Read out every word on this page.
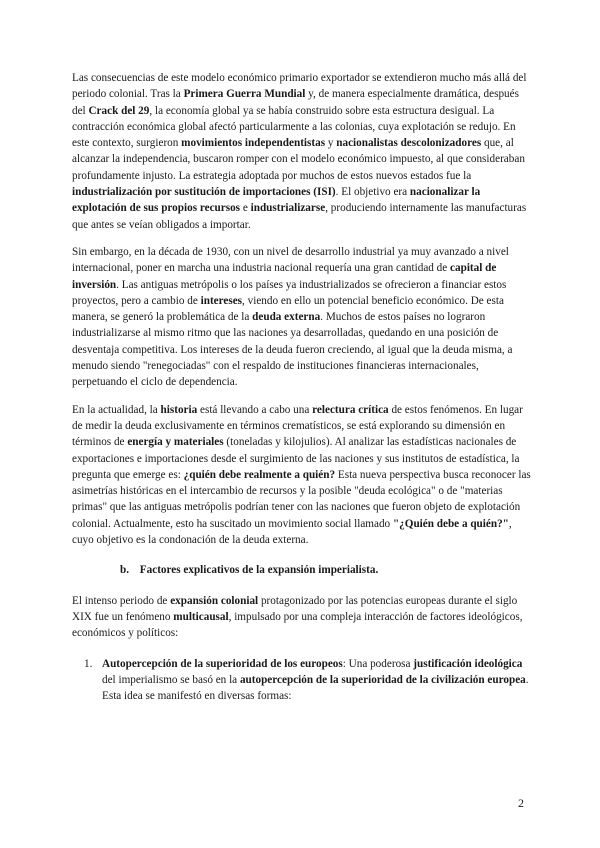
Las consecuencias de este modelo económico primario exportador se extendieron mucho más allá del periodo colonial. Tras la Primera Guerra Mundial y, de manera especialmente dramática, después del Crack del 29, la economía global ya se había construido sobre esta estructura desigual. La contracción económica global afectó particularmente a las colonias, cuya explotación se redujo. En este contexto, surgieron movimientos independentistas y nacionalistas descolonizadores que, al alcanzar la independencia, buscaron romper con el modelo económico impuesto, al que consideraban profundamente injusto. La estrategia adoptada por muchos de estos nuevos estados fue la industrialización por sustitución de importaciones (ISI). El objetivo era nacionalizar la explotación de sus propios recursos e industrializarse, produciendo internamente las manufacturas que antes se veían obligados a importar.

Sin embargo, en la década de 1930, con un nivel de desarrollo industrial ya muy avanzado a nivel internacional, poner en marcha una industria nacional requería una gran cantidad de capital de inversión. Las antiguas metrópolis o los países ya industrializados se ofrecieron a financiar estos proyectos, pero a cambio de intereses, viendo en ello un potencial beneficio económico. De esta manera, se generó la problemática de la deuda externa. Muchos de estos países no lograron industrializarse al mismo ritmo que las naciones ya desarrolladas, quedando en una posición de desventaja competitiva. Los intereses de la deuda fueron creciendo, al igual que la deuda misma, a menudo siendo "renegociadas" con el respaldo de instituciones financieras internacionales, perpetuando el ciclo de dependencia.

En la actualidad, la historia está llevando a cabo una relectura crítica de estos fenómenos. En lugar de medir la deuda exclusivamente en términos crematísticos, se está explorando su dimensión en términos de energía y materiales (toneladas y kilojulios). Al analizar las estadísticas nacionales de exportaciones e importaciones desde el surgimiento de las naciones y sus institutos de estadística, la pregunta que emerge es: ¿quién debe realmente a quién? Esta nueva perspectiva busca reconocer las asimetrías históricas en el intercambio de recursos y la posible "deuda ecológica" o de "materias primas" que las antiguas metrópolis podrían tener con las naciones que fueron objeto de explotación colonial. Actualmente, esto ha suscitado un movimiento social llamado "¿Quién debe a quién?", cuyo objetivo es la condonación de la deuda externa.

b. Factores explicativos de la expansión imperialista.

El intenso periodo de expansión colonial protagonizado por las potencias europeas durante el siglo XIX fue un fenómeno multicausal, impulsado por una compleja interacción de factores ideológicos, económicos y políticos:

1. Autopercepción de la superioridad de los europeos: Una poderosa justificación ideológica del imperialismo se basó en la autopercepción de la superioridad de la civilización europea. Esta idea se manifestó en diversas formas:
2
